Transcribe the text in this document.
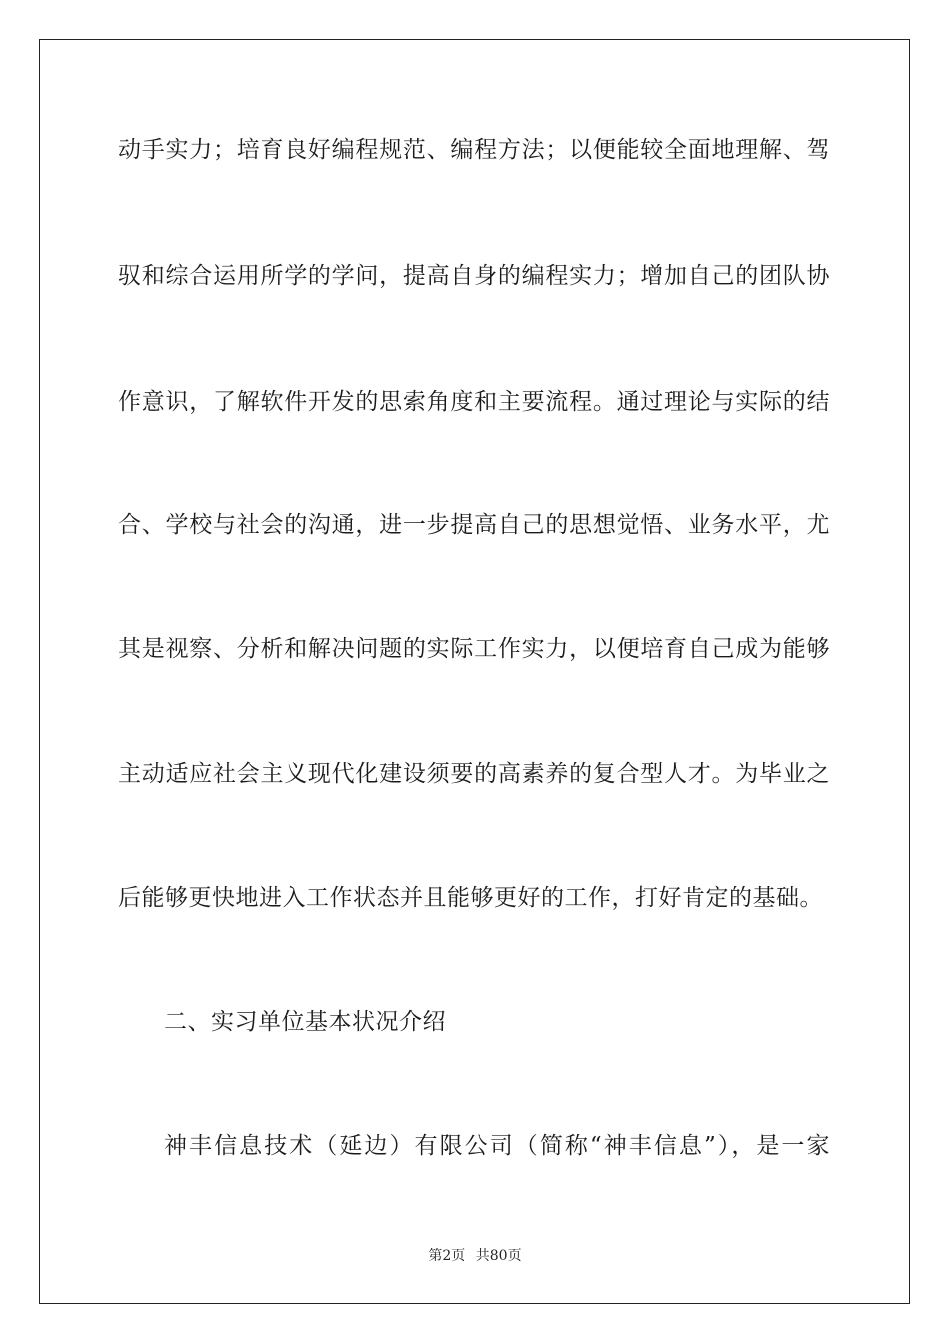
动手实力；培育良好编程规范、编程方法；以便能较全面地理解、驾
驭和综合运用所学的学问，提高自身的编程实力；增加自己的团队协
作意识，了解软件开发的思索角度和主要流程。通过理论与实际的结
合、学校与社会的沟通，进一步提高自己的思想觉悟、业务水平，尤
其是视察、分析和解决问题的实际工作实力，以便培育自己成为能够
主动适应社会主义现代化建设须要的高素养的复合型人才。为毕业之
后能够更快地进入工作状态并且能够更好的工作，打好肯定的基础。
二、实习单位基本状况介绍
神丰信息技术（延边）有限公司（简称“神丰信息”），是一家
第2页 共80页
